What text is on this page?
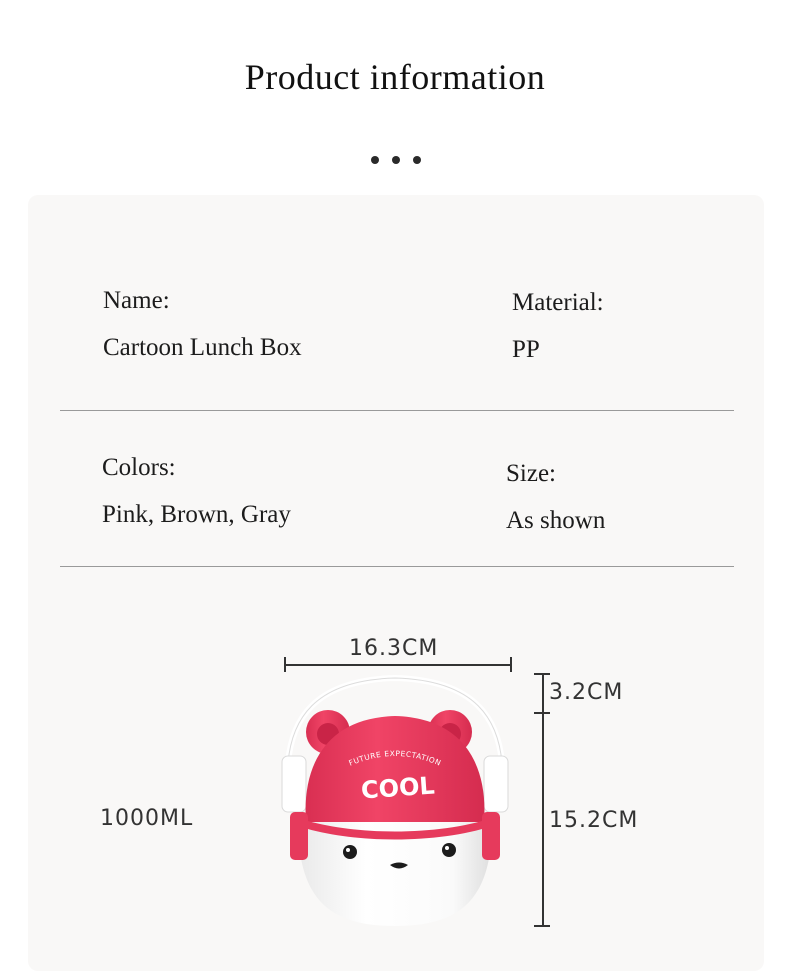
Product information
Name:
Cartoon Lunch Box
Material:
PP
Colors:
Pink, Brown, Gray
Size:
As shown
16.3CM
3.2CM
15.2CM
1000ML
FUTURE EXPECTATION
COOL
